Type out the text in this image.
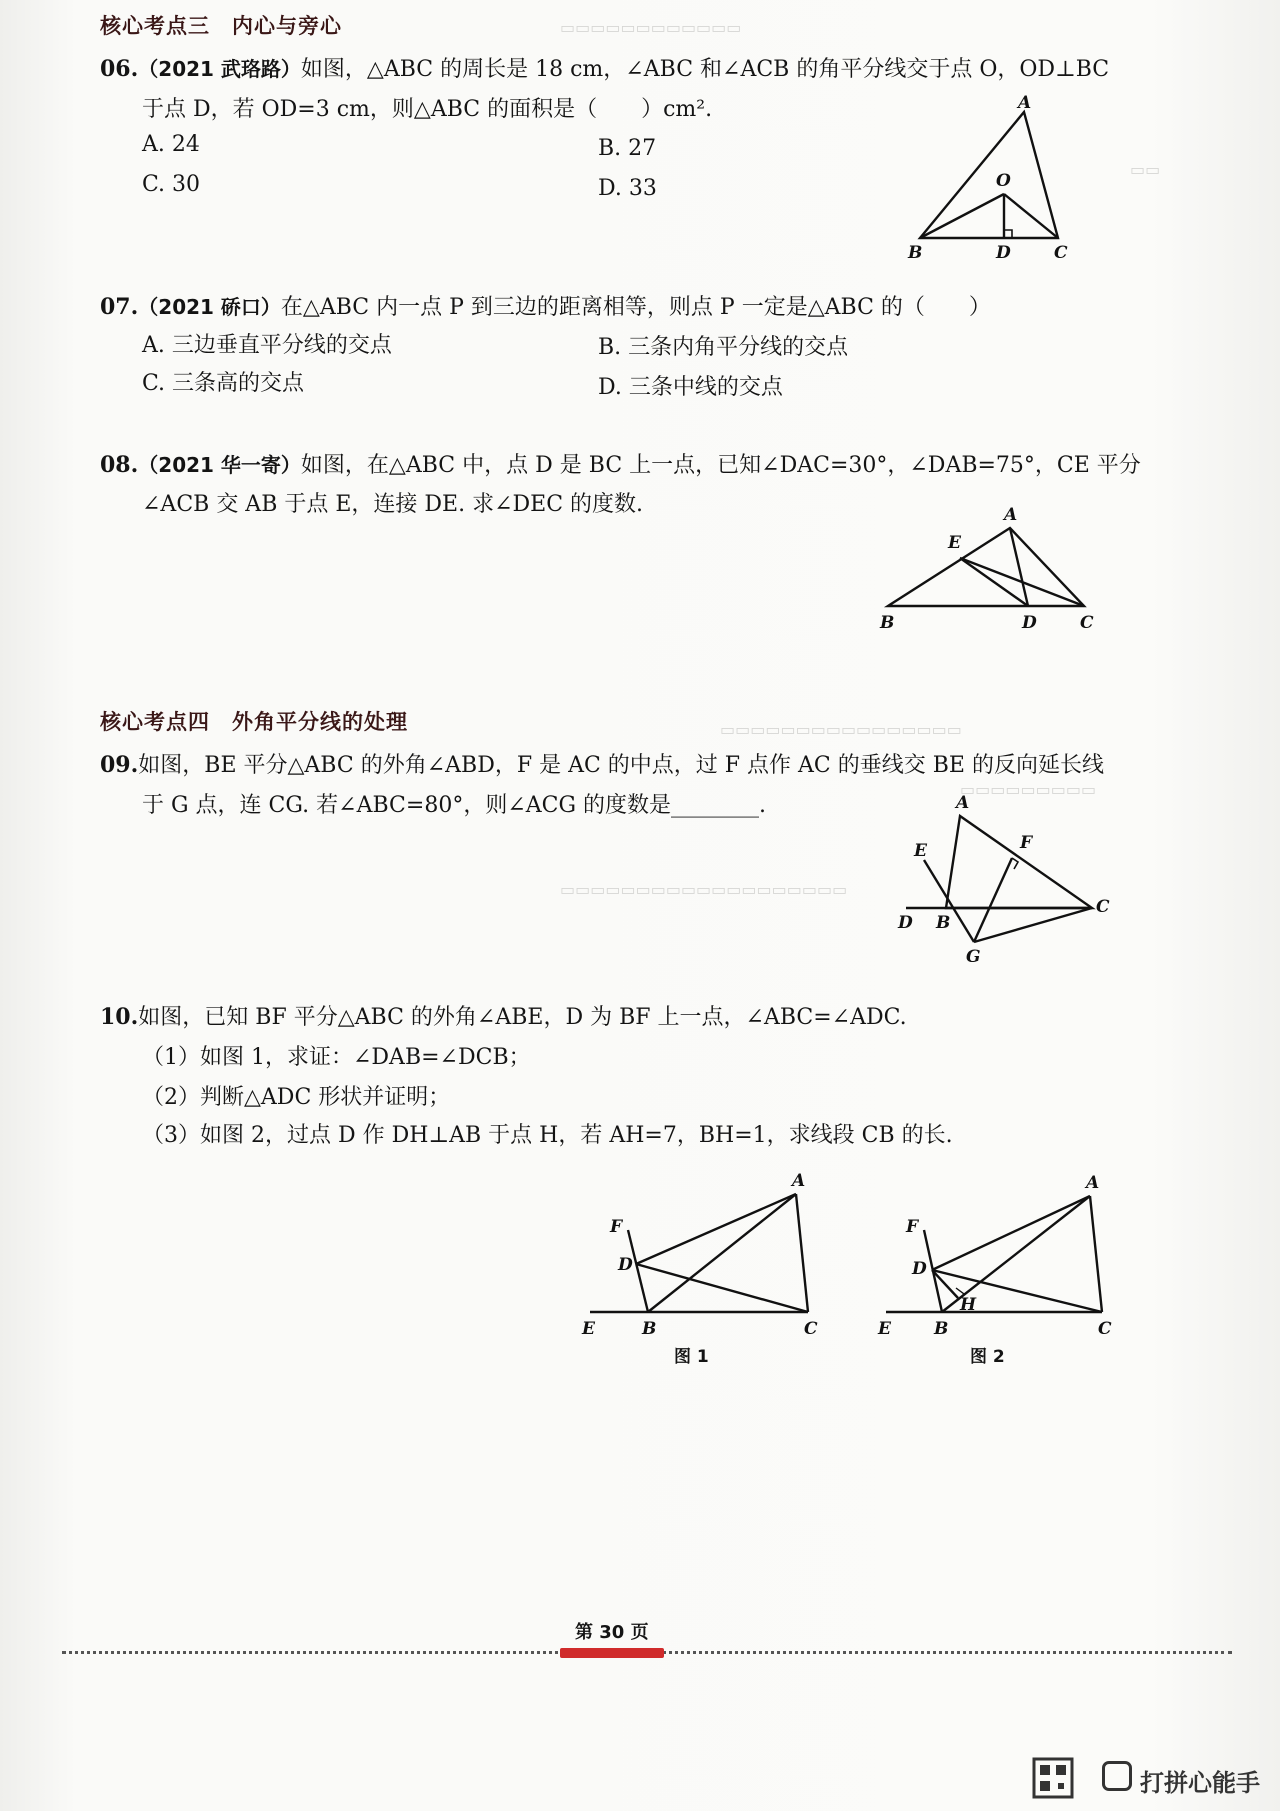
▭▭▭▭▭▭▭▭▭▭▭▭
▭▭
▭▭▭▭▭▭▭▭▭▭▭▭▭▭▭▭
▭▭▭▭▭▭▭▭▭
▭▭▭▭▭▭▭▭▭▭▭▭▭▭▭▭▭▭▭
核心考点三　内心与旁心
06.（2021 武珞路）如图，△ABC 的周长是 18 cm，∠ABC 和∠ACB 的角平分线交于点 O，OD⊥BC
于点 D，若 OD=3 cm，则△ABC 的面积是（　　）cm².
A. 24	B. 27
C. 30	D. 33
A
O
B	D	C
07.（2021 硚口）在△ABC 内一点 P 到三边的距离相等，则点 P 一定是△ABC 的（　　）
A. 三边垂直平分线的交点	B. 三条内角平分线的交点
C. 三条高的交点	D. 三条中线的交点
08.（2021 华一寄）如图，在△ABC 中，点 D 是 BC 上一点，已知∠DAC=30°，∠DAB=75°，CE 平分
∠ACB 交 AB 于点 E，连接 DE. 求∠DEC 的度数.	A
E
B	D	C
核心考点四　外角平分线的处理
09.如图，BE 平分△ABC 的外角∠ABD，F 是 AC 的中点，过 F 点作 AC 的垂线交 BE 的反向延长线
于 G 点，连 CG. 若∠ABC=80°，则∠ACG 的度数是________.	A
E	F
C
D B
G
10.如图，已知 BF 平分△ABC 的外角∠ABE，D 为 BF 上一点，∠ABC=∠ADC.
（1）如图 1，求证：∠DAB=∠DCB；
（2）判断△ADC 形状并证明；
（3）如图 2，过点 D 作 DH⊥AB 于点 H，若 AH=7，BH=1，求线段 CB 的长.
A
F
D
E	B	C
图 1
A
F
D
H
E	B	C
图 2
第 30 页
打拼心能手
